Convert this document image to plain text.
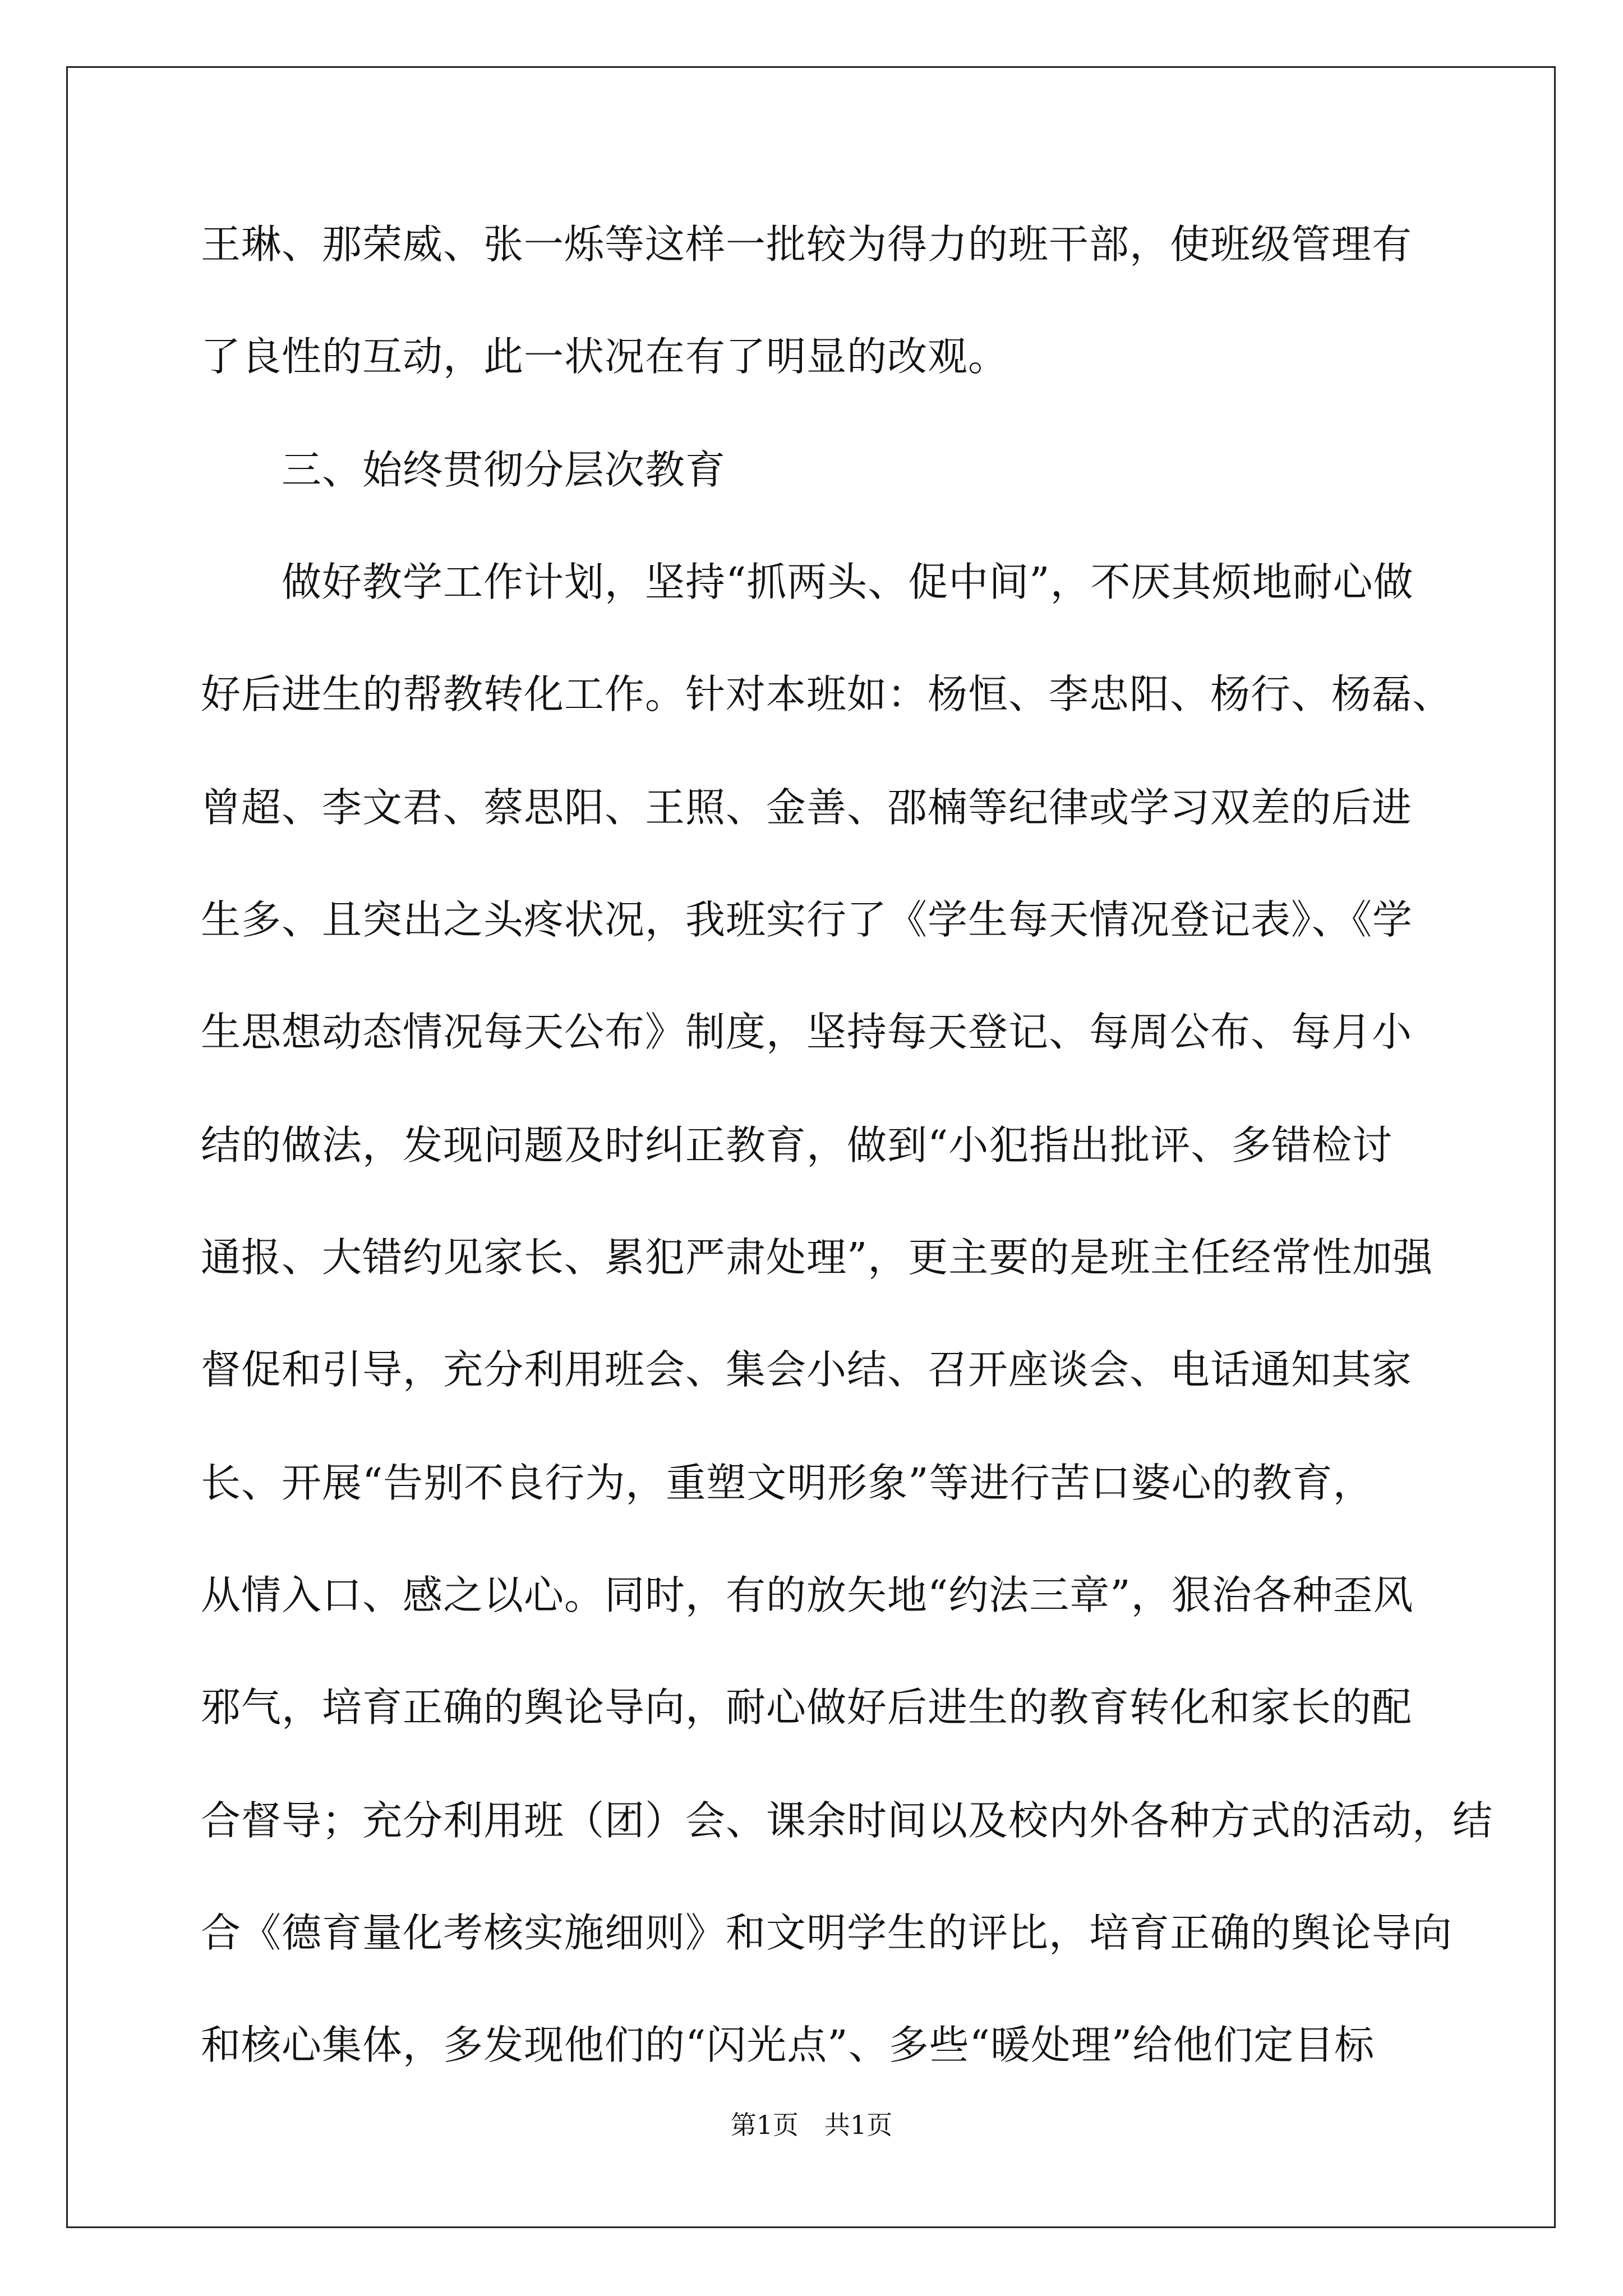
王琳、那荣威、张一烁等这样一批较为得力的班干部，使班级管理有
了良性的互动，此一状况在有了明显的改观。
三、始终贯彻分层次教育
做好教学工作计划，坚持“抓两头、促中间”，不厌其烦地耐心做
好后进生的帮教转化工作。针对本班如：杨恒、李忠阳、杨行、杨磊、
曾超、李文君、蔡思阳、王照、金善、邵楠等纪律或学习双差的后进
生多、且突出之头疼状况，我班实行了《学生每天情况登记表》、《学
生思想动态情况每天公布》制度，坚持每天登记、每周公布、每月小
结的做法，发现问题及时纠正教育，做到“小犯指出批评、多错检讨
通报、大错约见家长、累犯严肃处理”，更主要的是班主任经常性加强
督促和引导，充分利用班会、集会小结、召开座谈会、电话通知其家
长、开展“告别不良行为，重塑文明形象”等进行苦口婆心的教育，
从情入口、感之以心。同时，有的放矢地“约法三章”，狠治各种歪风
邪气，培育正确的舆论导向，耐心做好后进生的教育转化和家长的配
合督导；充分利用班（团）会、课余时间以及校内外各种方式的活动，结
合《德育量化考核实施细则》和文明学生的评比，培育正确的舆论导向
和核心集体，多发现他们的“闪光点”、多些“暖处理”给他们定目标
第1页　共1页
